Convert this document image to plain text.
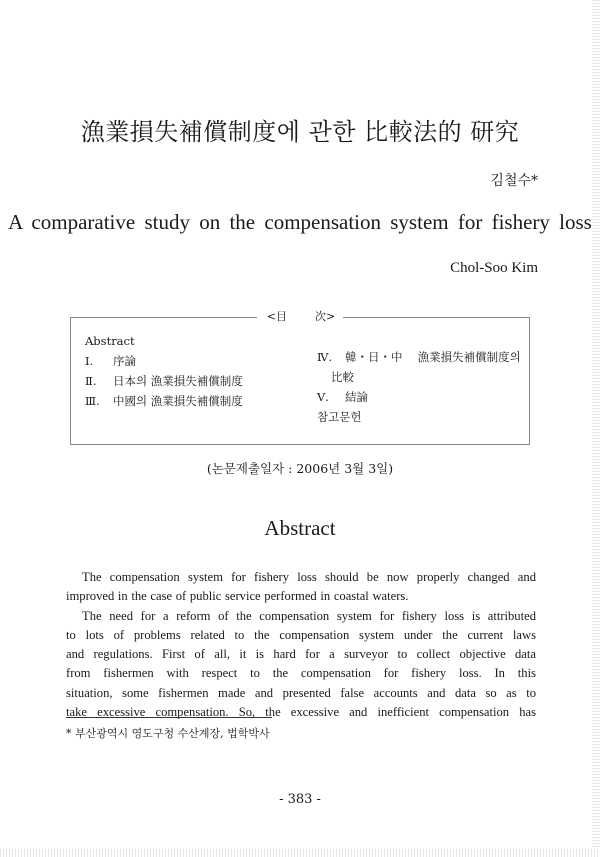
漁業損失補償制度에 관한 比較法的 研究
김철수*
A comparative study on the compensation system for fishery loss
Chol-Soo Kim
<目	次>
Abstract
Ⅰ. 序論
Ⅱ. 日本의 漁業損失補償制度
Ⅲ. 中國의 漁業損失補償制度
Ⅳ. 韓・日・中　 漁業損失補償制度의
比較
Ⅴ. 結論
참고문헌
(논문제출일자 : 2006년 3월 3일)
Abstract
The compensation system for fishery loss should be now properly changed and
improved in the case of public service performed in coastal waters.
The need for a reform of the compensation system for fishery loss is attributed
to lots of problems related to the compensation system under the current laws
and regulations. First of all, it is hard for a surveyor to collect objective data
from fishermen with respect to the compensation for fishery loss. In this
situation, some fishermen made and presented false accounts and data so as to
take excessive compensation. So, the excessive and inefficient compensation has
* 부산광역시 영도구청 수산계장, 법학박사
- 383 -
